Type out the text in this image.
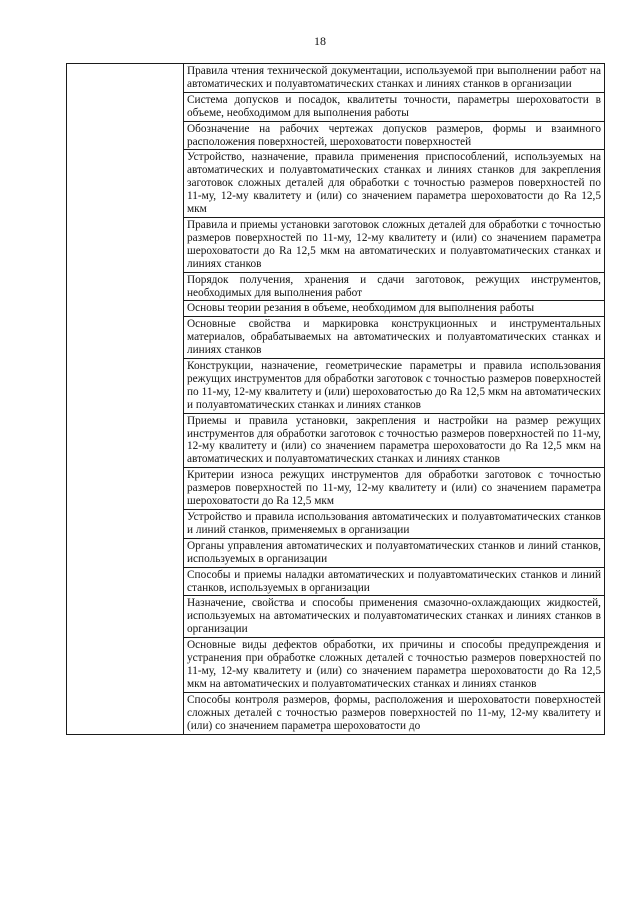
18

Правила чтения технической документации, используемой при выполнении работ на автоматических и полуавтоматических станках и линиях станков в организации

Система допусков и посадок, квалитеты точности, параметры шероховатости в объеме, необходимом для выполнения работы

Обозначение на рабочих чертежах допусков размеров, формы и взаимного расположения поверхностей, шероховатости поверхностей

Устройство, назначение, правила применения приспособлений, используемых на автоматических и полуавтоматических станках и линиях станков для закрепления заготовок сложных деталей для обработки с точностью размеров поверхностей по 11-му, 12-му квалитету и (или) со значением параметра шероховатости до Ra 12,5 мкм

Правила и приемы установки заготовок сложных деталей для обработки с точностью размеров поверхностей по 11-му, 12-му квалитету и (или) со значением параметра шероховатости до Ra 12,5 мкм на автоматических и полуавтоматических станках и линиях станков

Порядок получения, хранения и сдачи заготовок, режущих инструментов, необходимых для выполнения работ

Основы теории резания в объеме, необходимом для выполнения работы

Основные свойства и маркировка конструкционных и инструментальных материалов, обрабатываемых на автоматических и полуавтоматических станках и линиях станков

Конструкции, назначение, геометрические параметры и правила использования режущих инструментов для обработки заготовок с точностью размеров поверхностей по 11-му, 12-му квалитету и (или) шероховатостью до Ra 12,5 мкм на автоматических и полуавтоматических станках и линиях станков

Приемы и правила установки, закрепления и настройки на размер режущих инструментов для обработки заготовок с точностью размеров поверхностей по 11-му, 12-му квалитету и (или) со значением параметра шероховатости до Ra 12,5 мкм на автоматических и полуавтоматических станках и линиях станков

Критерии износа режущих инструментов для обработки заготовок с точностью размеров поверхностей по 11-му, 12-му квалитету и (или) со значением параметра шероховатости до Ra 12,5 мкм

Устройство и правила использования автоматических и полуавтоматических станков и линий станков, применяемых в организации

Органы управления автоматических и полуавтоматических станков и линий станков, используемых в организации

Способы и приемы наладки автоматических и полуавтоматических станков и линий станков, используемых в организации

Назначение, свойства и способы применения смазочно-охлаждающих жидкостей, используемых на автоматических и полуавтоматических станках и линиях станков в организации

Основные виды дефектов обработки, их причины и способы предупреждения и устранения при обработке сложных деталей с точностью размеров поверхностей по 11-му, 12-му квалитету и (или) со значением параметра шероховатости до Ra 12,5 мкм на автоматических и полуавтоматических станках и линиях станков

Способы контроля размеров, формы, расположения и шероховатости поверхностей сложных деталей с точностью размеров поверхностей по 11-му, 12-му квалитету и (или) со значением параметра шероховатости до
